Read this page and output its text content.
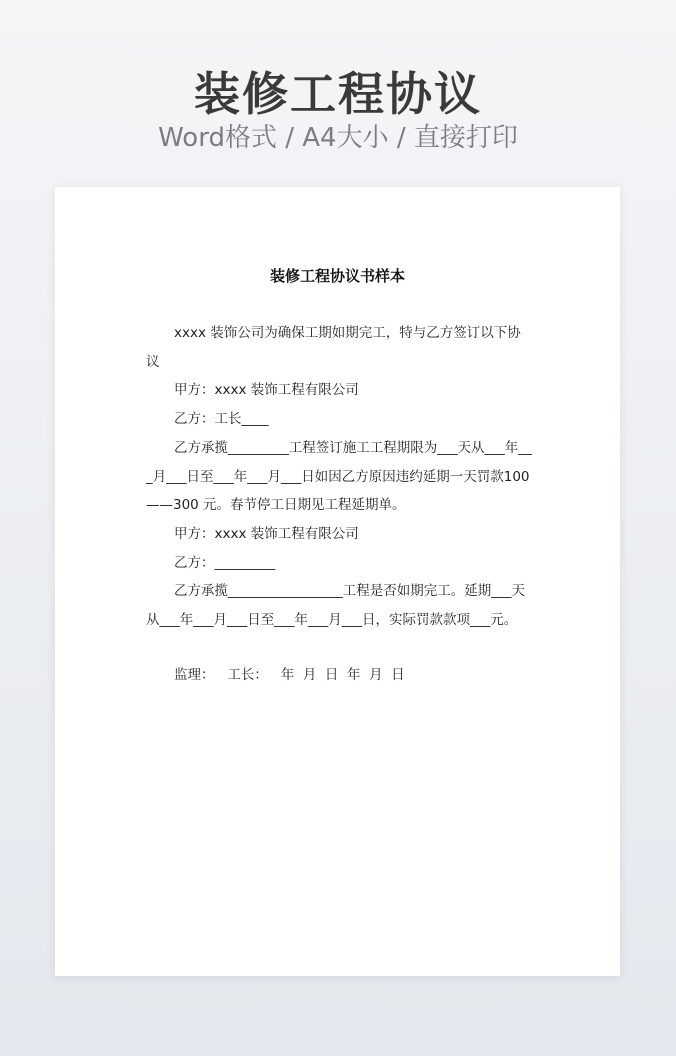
装修工程协议
Word格式 / A4大小 / 直接打印
装修工程协议书样本

xxxx 装饰公司为确保工期如期完工，特与乙方签订以下协议

甲方：xxxx 装饰工程有限公司

乙方：工长____

乙方承揽_________工程签订施工工程期限为___天从___年___月___日至___年___月___日如因乙方原因违约延期一天罚款100——300 元。春节停工日期见工程延期单。

甲方：xxxx 装饰工程有限公司

乙方：_________

乙方承揽_________________工程是否如期完工。延期___天从___年___月___日至___年___月___日，实际罚款款项___元。

监理：   工长：   年  月  日  年  月  日
